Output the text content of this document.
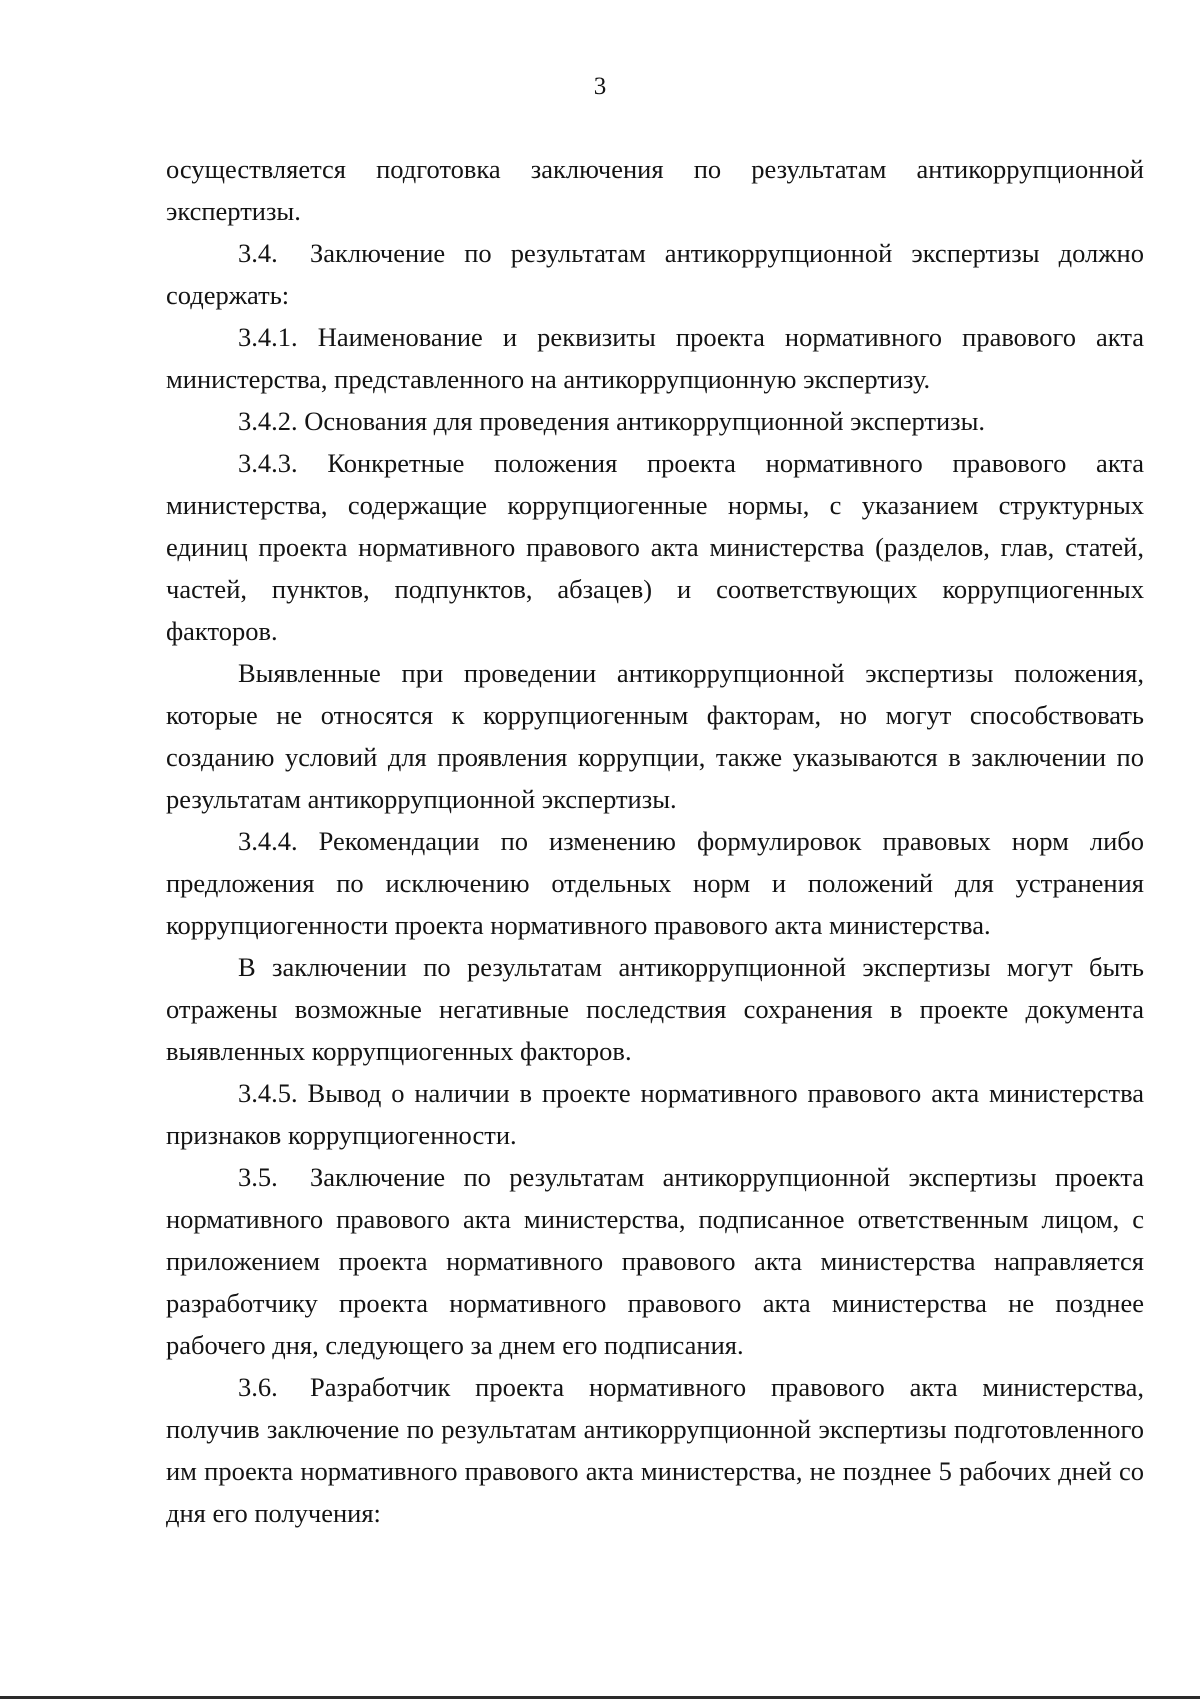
3

осуществляется подготовка заключения по результатам антикоррупционной экспертизы.

3.4. Заключение по результатам антикоррупционной экспертизы должно содержать:

3.4.1. Наименование и реквизиты проекта нормативного правового акта министерства, представленного на антикоррупционную экспертизу.

3.4.2. Основания для проведения антикоррупционной экспертизы.

3.4.3. Конкретные положения проекта нормативного правового акта министерства, содержащие коррупциогенные нормы, с указанием структурных единиц проекта нормативного правового акта министерства (разделов, глав, статей, частей, пунктов, подпунктов, абзацев) и соответствующих коррупциогенных факторов.

Выявленные при проведении антикоррупционной экспертизы положения, которые не относятся к коррупциогенным факторам, но могут способствовать созданию условий для проявления коррупции, также указываются в заключении по результатам антикоррупционной экспертизы.

3.4.4. Рекомендации по изменению формулировок правовых норм либо предложения по исключению отдельных норм и положений для устранения коррупциогенности проекта нормативного правового акта министерства.

В заключении по результатам антикоррупционной экспертизы могут быть отражены возможные негативные последствия сохранения в проекте документа выявленных коррупциогенных факторов.

3.4.5. Вывод о наличии в проекте нормативного правового акта министерства признаков коррупциогенности.

3.5. Заключение по результатам антикоррупционной экспертизы проекта нормативного правового акта министерства, подписанное ответственным лицом, с приложением проекта нормативного правового акта министерства направляется разработчику проекта нормативного правового акта министерства не позднее рабочего дня, следующего за днем его подписания.

3.6. Разработчик проекта нормативного правового акта министерства, получив заключение по результатам антикоррупционной экспертизы подготовленного им проекта нормативного правового акта министерства, не позднее 5 рабочих дней со дня его получения:
